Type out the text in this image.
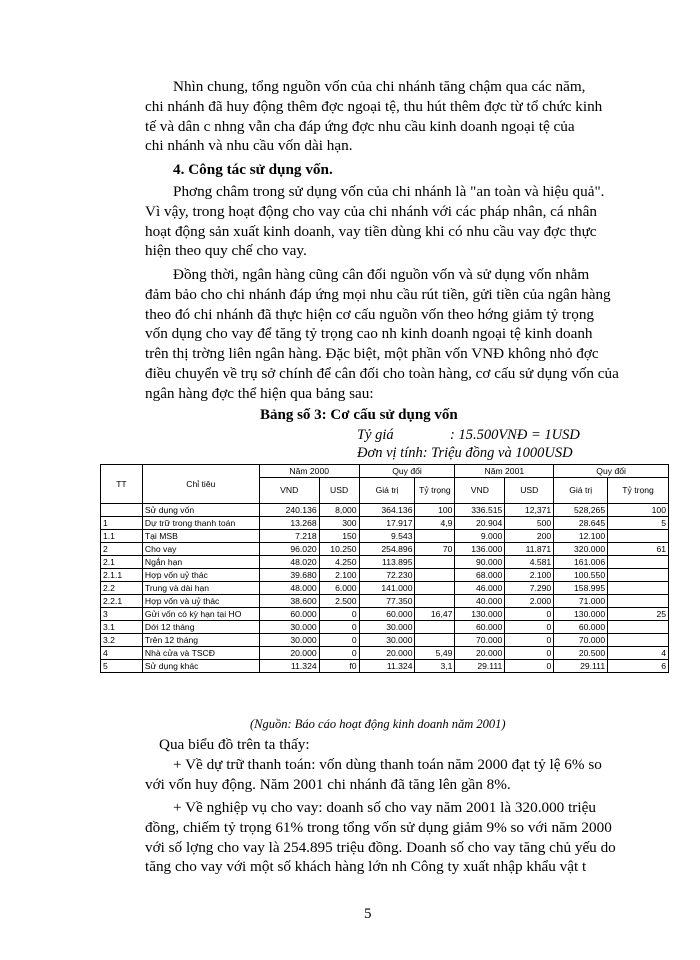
Nhìn chung, tổng nguồn vốn của chi nhánh tăng chậm qua các năm,
chi nhánh đã huy động thêm đợc ngoại tệ, thu hút thêm đợc từ tổ chức kinh
tế và dân c nhng vẫn cha đáp ứng đợc nhu cầu kinh doanh ngoại tệ của
chi nhánh và nhu cầu vốn dài hạn.
4. Công tác sử dụng vốn.
Phơng châm trong sử dụng vốn của chi nhánh là "an toàn và hiệu quả".
Vì vậy, trong hoạt động cho vay của chi nhánh với các pháp nhân, cá nhân
hoạt động sản xuất kinh doanh, vay tiền dùng khi có nhu cầu vay đợc thực
hiện theo quy chế cho vay.
Đồng thời, ngân hàng cũng cân đối nguồn vốn và sử dụng vốn nhằm
đảm bảo cho chi nhánh đáp ứng mọi nhu cầu rút tiền, gửi tiền của ngân hàng
theo đó chi nhánh đã thực hiện cơ cấu nguồn vốn theo hớng giảm tỷ trọng
vốn dụng cho vay để tăng tỷ trọng cao nh kinh doanh ngoại tệ kinh doanh
trên thị trờng liên ngân hàng. Đặc biệt, một phần vốn VNĐ không nhỏ đợc
điều chuyển về trụ sở chính để cân đối cho toàn hàng, cơ cấu sử dụng vốn của
ngân hàng đợc thể hiện qua bảng sau:
Bảng số 3: Cơ cấu sử dụng vốn
Tỷ giá	: 15.500VNĐ = 1USD
Đơn vị tính: Triệu đồng và 1000USD
TT	Chỉ tiêu	Năm 2000		Quy đổi		Năm 2001		Quy đổi	
		VND	USD	Giá trị	Tỷ trọng	VND	USD	Giá trị	Tỷ trọng
	Sử dụng vốn	240.136	8,000	364.136	100	336.515	12,371	528,265	100
1	Dự trữ trong thanh toán	13.268	300	17.917	4,9	20.904	500	28.645	5
1.1	Tại MSB	7.218	150	9.543		9.000	200	12.100	
2	Cho vay	96.020	10.250	254.896	70	136.000	11.871	320.000	61
2.1	Ngắn hạn	48.020	4.250	113.895		90.000	4.581	161.006	
2.1.1	Hợp vốn uỷ thác	39.680	2.100	72.230		68.000	2.100	100.550	
2.2	Trung và dài hạn	48.000	6.000	141.000		46.000	7.290	158.995	
2.2.1	Hợp vốn và uỷ thác	38.600	2.500	77.350		40.000	2.000	71.000	
3	Gửi vốn có kỳ hạn tại HO	60.000	0	60.000	16,47	130.000	0	130.000	25
3.1	Dới 12 tháng	30.000	0	30.000		60.000	0	60.000	
3.2	Trên 12 tháng	30.000	0	30.000		70.000	0	70.000	
4	Nhà cửa và TSCĐ	20.000	0	20.000	5,49	20.000	0	20.500	4
5	Sử dụng khác	11.324	f0	11.324	3,1	29.111	0	29.111	6
(Nguồn: Báo cáo hoạt động kinh doanh năm 2001)
Qua biểu đồ trên ta thấy:
+ Về dự trữ thanh toán: vốn dùng thanh toán năm 2000 đạt tỷ lệ 6% so
với vốn huy động. Năm 2001 chi nhánh đã tăng lên gần 8%.
+ Về nghiệp vụ cho vay: doanh số cho vay năm 2001 là 320.000 triệu
đồng, chiếm tỷ trọng 61% trong tổng vốn sử dụng giảm 9% so với năm 2000
với số lợng cho vay là 254.895 triệu đồng. Doanh số cho vay tăng chủ yếu do
tăng cho vay với một số khách hàng lớn nh Công ty xuất nhập khẩu vật t
5
